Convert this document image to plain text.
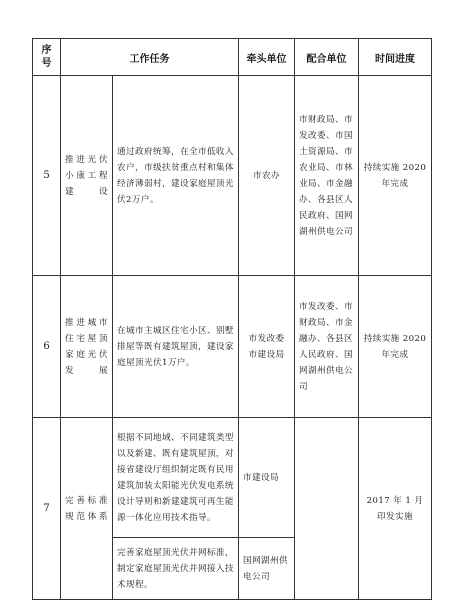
序号	工作任务		牵头单位	配合单位	时间进度
5	推进光伏小康工程建设	通过政府统筹，在全市低收入农户，市级扶贫重点村和集体经济薄弱村，建设家庭屋顶光伏2万户。	市农办	市财政局、市发改委、市国土资源局、市农业局、市林业局、市金融办、各县区人民政府、国网湖州供电公司	持续实施 2020年完成

6	推进城市住宅屋顶家庭光伏发展	在城市主城区住宅小区、别墅排屋等既有建筑屋顶，建设家庭屋顶光伏1万户。	市发改委 市建设局	市发改委、市财政局、市金融办、各县区人民政府、国网湖州供电公司	持续实施 2020年完成

7	完善标准规范体系	根据不同地域、不同建筑类型以及新建、既有建筑屋顶，对接省建设厅组织制定既有民用建筑加装太阳能光伏发电系统设计导则和新建建筑可再生能源一体化应用技术指导。	市建设局		2017 年 1 月印发实施

		完善家庭屋顶光伏并网标准，制定家庭屋顶光伏并网接入技术规程。	国网湖州供电公司		
